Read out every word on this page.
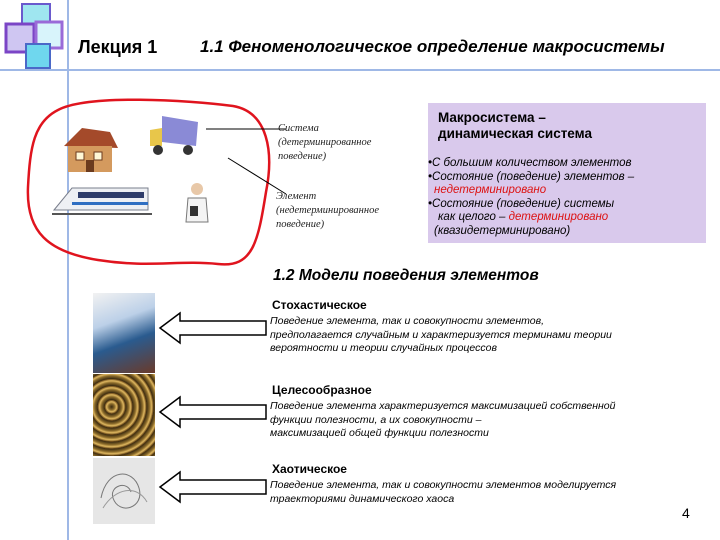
Лекция 1	1.1 Феноменологическое определение макросистемы
Система
(детерминированное
поведение)
Элемент
(недетерминированное
поведение)
Макросистема –
динамическая система
•С большим количеством элементов
•Состояние (поведение) элементов –
недетерминировано
•Состояние (поведение) системы
как целого – детерминировано
(квазидетерминировано)
1.2 Модели поведения элементов
Стохастическое
Поведение элемента, так и совокупности элементов,
предполагается случайным и характеризуется терминами теории
вероятности и теории случайных процессов
Целесообразное
Поведение элемента характеризуется максимизацией собственной
функции полезности, а их совокупности –
максимизацией общей функции полезности
Хаотическое
Поведение элемента, так и совокупности элементов моделируется
траекториями динамического хаоса
4
